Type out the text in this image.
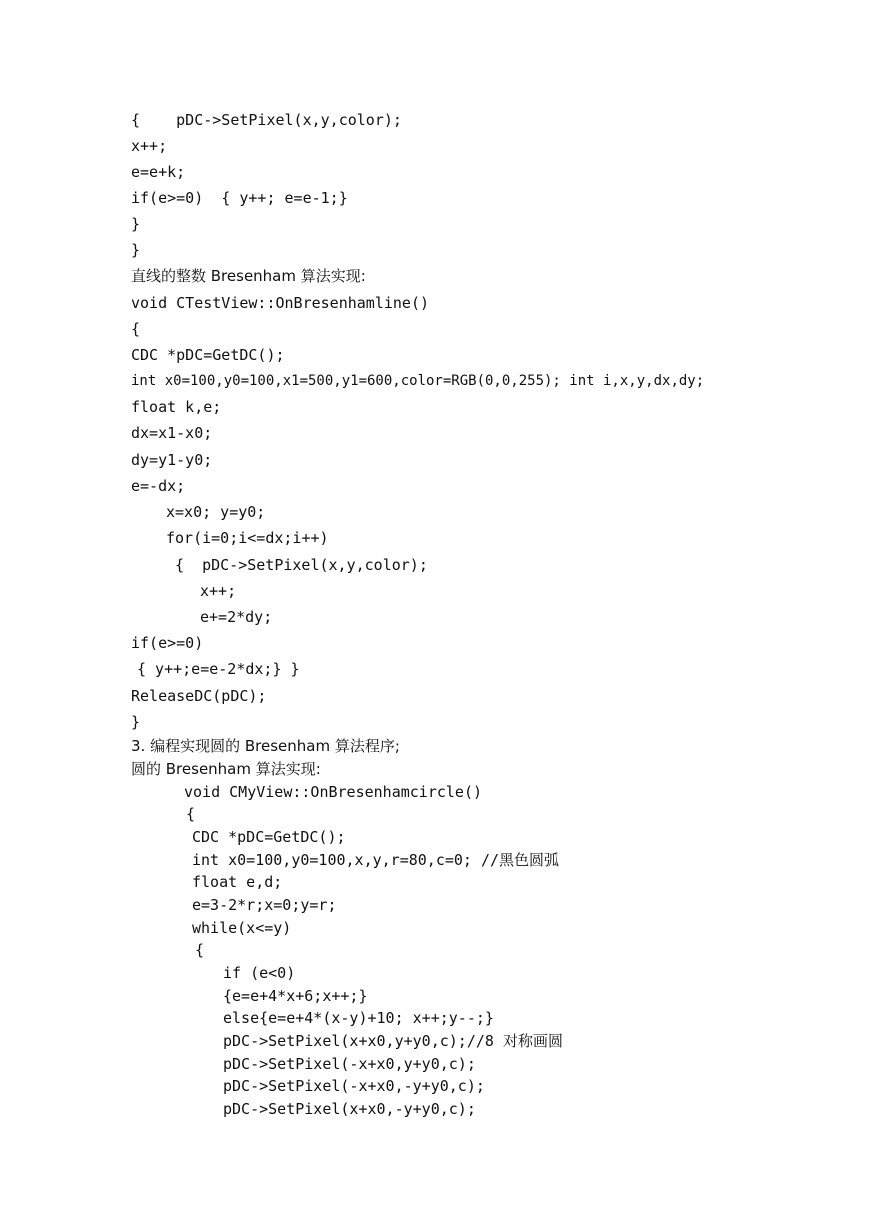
{    pDC->SetPixel(x,y,color);
x++;
e=e+k;
if(e>=0)  { y++; e=e-1;}
}
}
直线的整数 Bresenham 算法实现:
void CTestView::OnBresenhamline()
{
CDC *pDC=GetDC();
int x0=100,y0=100,x1=500,y1=600,color=RGB(0,0,255); int i,x,y,dx,dy;
float k,e;
dx=x1-x0;
dy=y1-y0;
e=-dx;
x=x0; y=y0;
for(i=0;i<=dx;i++)
{  pDC->SetPixel(x,y,color);
x++;
e+=2*dy;
if(e>=0)
{ y++;e=e-2*dx;} }
ReleaseDC(pDC);
}
3. 编程实现圆的 Bresenham 算法程序;
圆的 Bresenham 算法实现:
void CMyView::OnBresenhamcircle()
{
CDC *pDC=GetDC();
int x0=100,y0=100,x,y,r=80,c=0; //黑色圆弧
float e,d;
e=3-2*r;x=0;y=r;
while(x<=y)
{
if (e<0)
{e=e+4*x+6;x++;}
else{e=e+4*(x-y)+10; x++;y--;}
pDC->SetPixel(x+x0,y+y0,c);//8 对称画圆
pDC->SetPixel(-x+x0,y+y0,c);
pDC->SetPixel(-x+x0,-y+y0,c);
pDC->SetPixel(x+x0,-y+y0,c);
